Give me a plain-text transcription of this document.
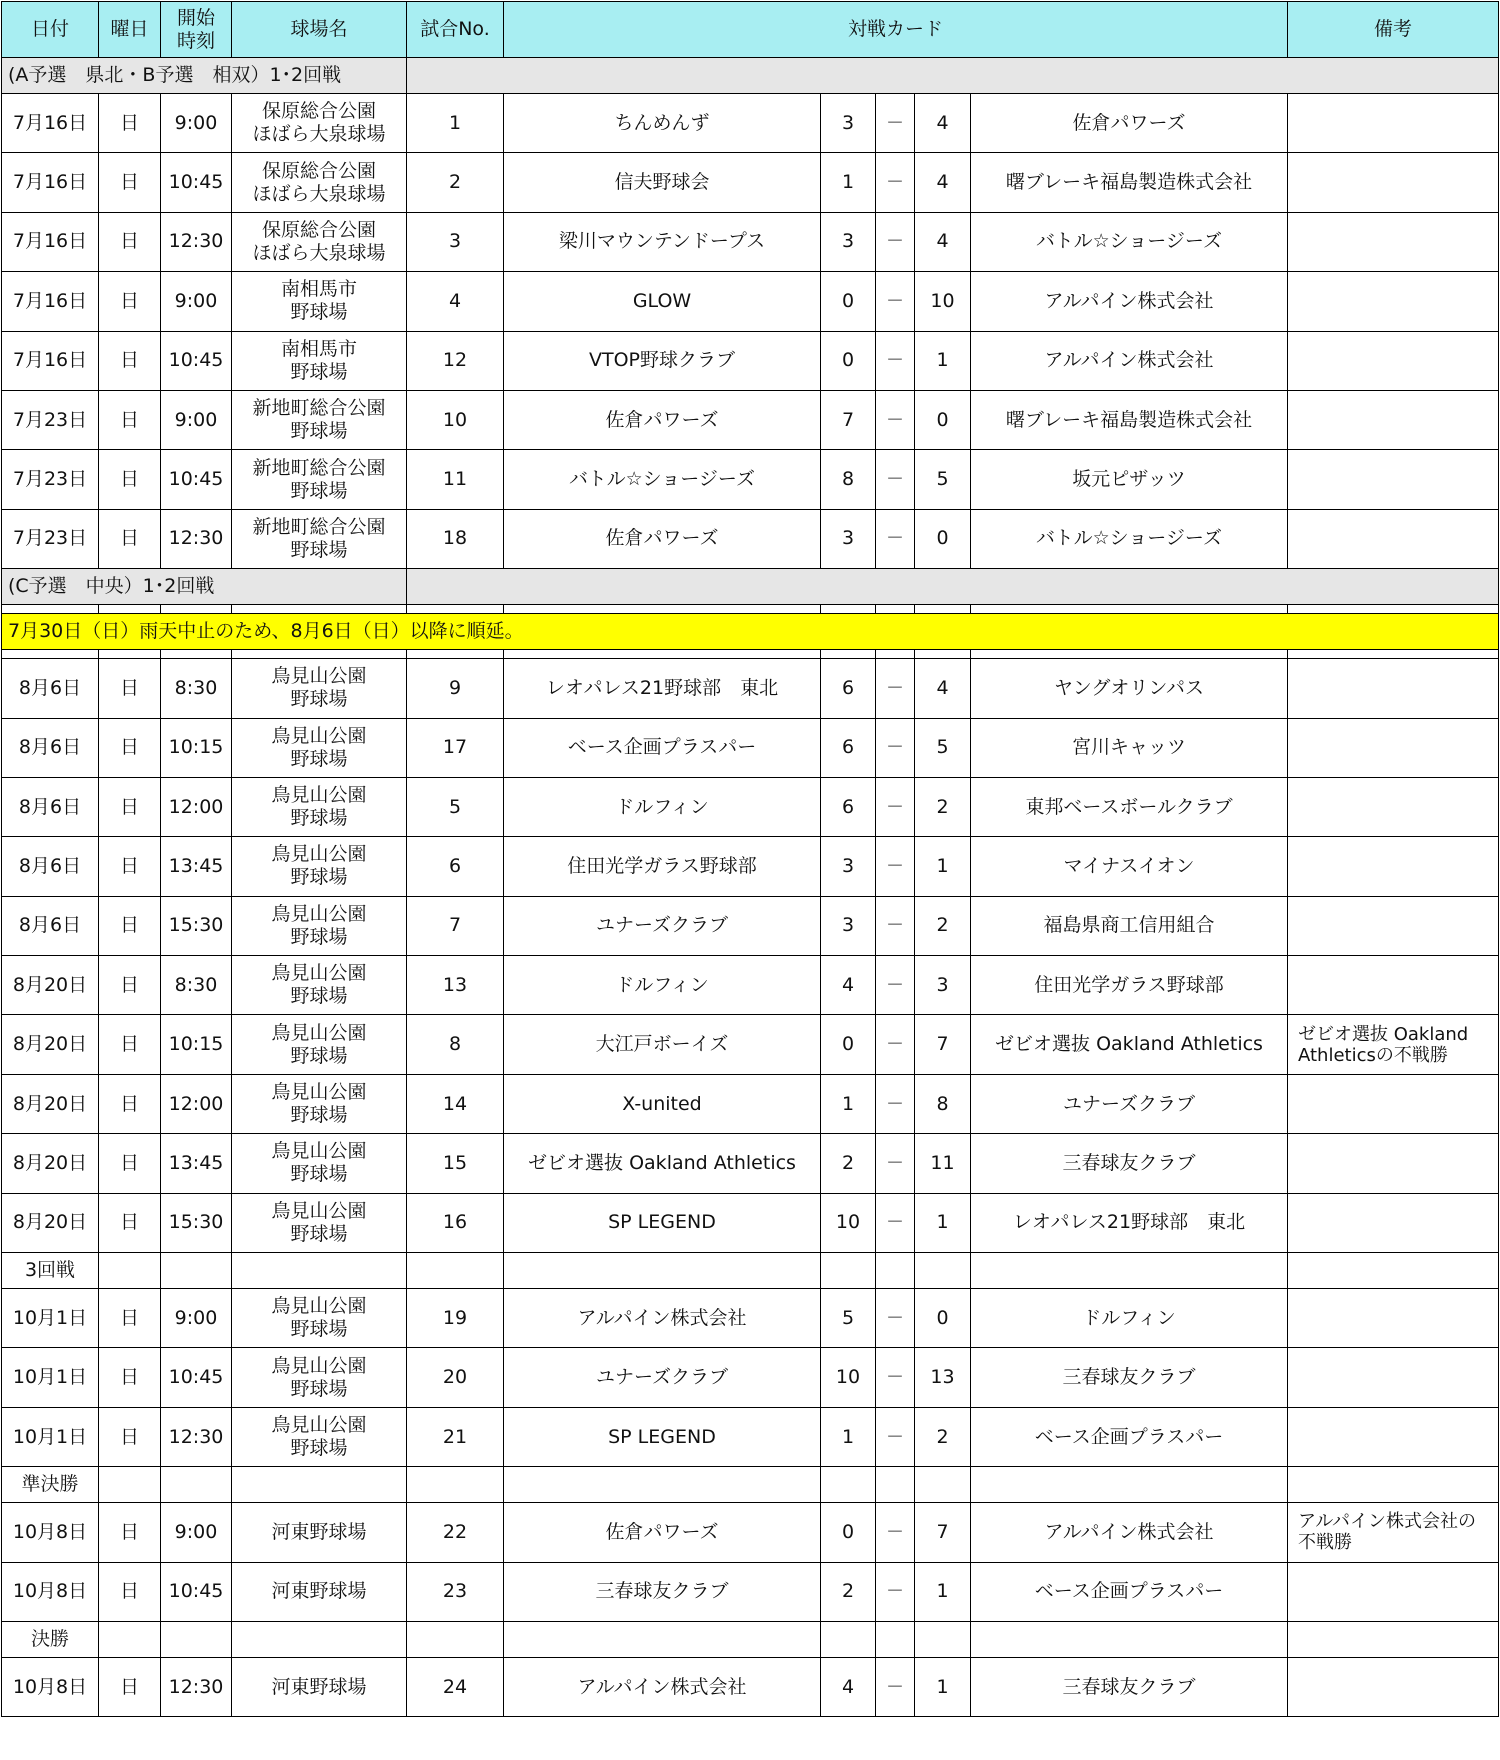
日付	曜日	開始
時刻	球場名	試合No.	対戦カード					備考
(A予選　県北・B予選　相双）1･2回戦										
7月16日	日	9:00	保原総合公園
ほばら大泉球場	1	ちんめんず	3	－	4	佐倉パワーズ	
7月16日	日	10:45	保原総合公園
ほばら大泉球場	2	信夫野球会	1	－	4	曙ブレーキ福島製造株式会社	
7月16日	日	12:30	保原総合公園
ほばら大泉球場	3	梁川マウンテンドープス	3	－	4	バトル☆ショージーズ	
7月16日	日	9:00	南相馬市
野球場	4	GLOW	0	－	10	アルパイン株式会社	
7月16日	日	10:45	南相馬市
野球場	12	VTOP野球クラブ	0	－	1	アルパイン株式会社	
7月23日	日	9:00	新地町総合公園
野球場	10	佐倉パワーズ	7	－	0	曙ブレーキ福島製造株式会社	
7月23日	日	10:45	新地町総合公園
野球場	11	バトル☆ショージーズ	8	－	5	坂元ピザッツ	
7月23日	日	12:30	新地町総合公園
野球場	18	佐倉パワーズ	3	－	0	バトル☆ショージーズ	
(C予選　中央）1･2回戦										

7月30日（日）雨天中止のため、8月6日（日）以降に順延。										

8月6日	日	8:30	鳥見山公園
野球場	9	レオパレス21野球部　東北	6	－	4	ヤングオリンパス	
8月6日	日	10:15	鳥見山公園
野球場	17	ベース企画プラスパー	6	－	5	宮川キャッツ	
8月6日	日	12:00	鳥見山公園
野球場	5	ドルフィン	6	－	2	東邦ベースボールクラブ	
8月6日	日	13:45	鳥見山公園
野球場	6	住田光学ガラス野球部	3	－	1	マイナスイオン	
8月6日	日	15:30	鳥見山公園
野球場	7	ユナーズクラブ	3	－	2	福島県商工信用組合	
8月20日	日	8:30	鳥見山公園
野球場	13	ドルフィン	4	－	3	住田光学ガラス野球部	
8月20日	日	10:15	鳥見山公園
野球場	8	大江戸ボーイズ	0	－	7	ゼビオ選抜 Oakland Athletics	ゼビオ選抜 Oakland
Athleticsの不戦勝
8月20日	日	12:00	鳥見山公園
野球場	14	X-united	1	－	8	ユナーズクラブ	
8月20日	日	13:45	鳥見山公園
野球場	15	ゼビオ選抜 Oakland Athletics	2	－	11	三春球友クラブ	
8月20日	日	15:30	鳥見山公園
野球場	16	SP LEGEND	10	－	1	レオパレス21野球部　東北	
3回戦										
10月1日	日	9:00	鳥見山公園
野球場	19	アルパイン株式会社	5	－	0	ドルフィン	
10月1日	日	10:45	鳥見山公園
野球場	20	ユナーズクラブ	10	－	13	三春球友クラブ	
10月1日	日	12:30	鳥見山公園
野球場	21	SP LEGEND	1	－	2	ベース企画プラスパー	
準決勝										
10月8日	日	9:00	河東野球場	22	佐倉パワーズ	0	－	7	アルパイン株式会社	アルパイン株式会社の
不戦勝
10月8日	日	10:45	河東野球場	23	三春球友クラブ	2	－	1	ベース企画プラスパー	
決勝										
10月8日	日	12:30	河東野球場	24	アルパイン株式会社	4	－	1	三春球友クラブ	
